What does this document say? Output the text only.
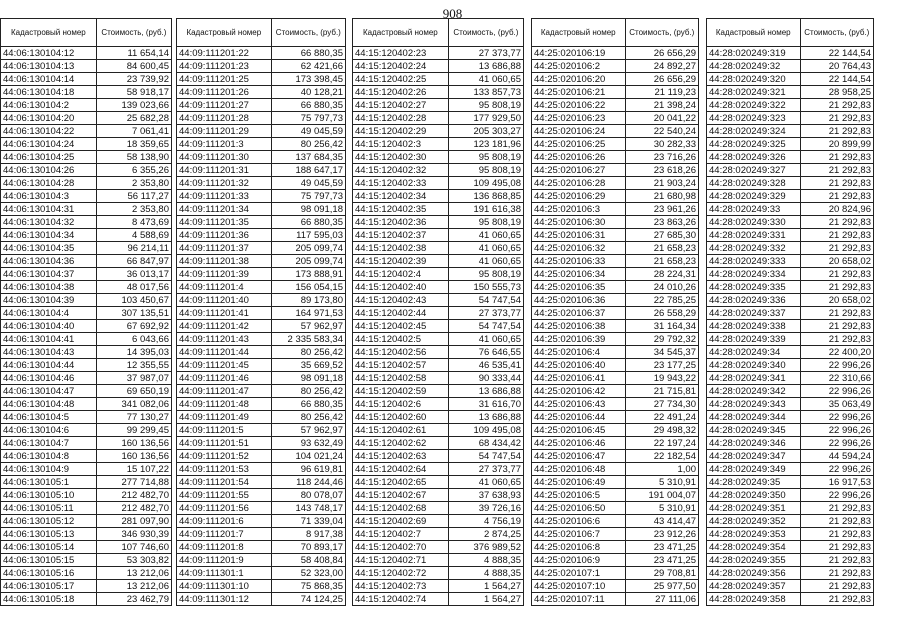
908
Кадастровый номер	Стоимость, (руб.)
44:06:130104:12	11 654,14
44:06:130104:13	84 600,45
44:06:130104:14	23 739,92
44:06:130104:18	58 918,17
44:06:130104:2	139 023,66
44:06:130104:20	25 682,28
44:06:130104:22	7 061,41
44:06:130104:24	18 359,65
44:06:130104:25	58 138,90
44:06:130104:26	6 355,26
44:06:130104:28	2 353,80
44:06:130104:3	56 117,27
44:06:130104:31	2 353,80
44:06:130104:32	8 473,69
44:06:130104:34	4 588,69
44:06:130104:35	96 214,11
44:06:130104:36	66 847,97
44:06:130104:37	36 013,17
44:06:130104:38	48 017,56
44:06:130104:39	103 450,67
44:06:130104:4	307 135,51
44:06:130104:40	67 692,92
44:06:130104:41	6 043,66
44:06:130104:43	14 395,03
44:06:130104:44	12 355,55
44:06:130104:46	37 987,07
44:06:130104:47	69 650,19
44:06:130104:48	341 082,06
44:06:130104:5	77 130,27
44:06:130104:6	99 299,45
44:06:130104:7	160 136,56
44:06:130104:8	160 136,56
44:06:130104:9	15 107,22
44:06:130105:1	277 714,88
44:06:130105:10	212 482,70
44:06:130105:11	212 482,70
44:06:130105:12	281 097,90
44:06:130105:13	346 930,39
44:06:130105:14	107 746,60
44:06:130105:15	53 303,82
44:06:130105:16	13 212,06
44:06:130105:17	13 212,06
44:06:130105:18	23 462,79
Кадастровый номер	Стоимость, (руб.)
44:09:111201:22	66 880,35
44:09:111201:23	62 421,66
44:09:111201:25	173 398,45
44:09:111201:26	40 128,21
44:09:111201:27	66 880,35
44:09:111201:28	75 797,73
44:09:111201:29	49 045,59
44:09:111201:3	80 256,42
44:09:111201:30	137 684,35
44:09:111201:31	188 647,17
44:09:111201:32	49 045,59
44:09:111201:33	75 797,73
44:09:111201:34	98 091,18
44:09:111201:35	66 880,35
44:09:111201:36	117 595,03
44:09:111201:37	205 099,74
44:09:111201:38	205 099,74
44:09:111201:39	173 888,91
44:09:111201:4	156 054,15
44:09:111201:40	89 173,80
44:09:111201:41	164 971,53
44:09:111201:42	57 962,97
44:09:111201:43	2 335 583,34
44:09:111201:44	80 256,42
44:09:111201:45	35 669,52
44:09:111201:46	98 091,18
44:09:111201:47	80 256,42
44:09:111201:48	66 880,35
44:09:111201:49	80 256,42
44:09:111201:5	57 962,97
44:09:111201:51	93 632,49
44:09:111201:52	104 021,24
44:09:111201:53	96 619,81
44:09:111201:54	118 244,46
44:09:111201:55	80 078,07
44:09:111201:56	143 748,17
44:09:111201:6	71 339,04
44:09:111201:7	8 917,38
44:09:111201:8	70 893,17
44:09:111201:9	58 408,84
44:09:111301:1	52 323,00
44:09:111301:10	75 868,35
44:09:111301:12	74 124,25
Кадастровый номер	Стоимость, (руб.)
44:15:120402:23	27 373,77
44:15:120402:24	13 686,88
44:15:120402:25	41 060,65
44:15:120402:26	133 857,73
44:15:120402:27	95 808,19
44:15:120402:28	177 929,50
44:15:120402:29	205 303,27
44:15:120402:3	123 181,96
44:15:120402:30	95 808,19
44:15:120402:32	95 808,19
44:15:120402:33	109 495,08
44:15:120402:34	136 868,85
44:15:120402:35	191 616,38
44:15:120402:36	95 808,19
44:15:120402:37	41 060,65
44:15:120402:38	41 060,65
44:15:120402:39	41 060,65
44:15:120402:4	95 808,19
44:15:120402:40	150 555,73
44:15:120402:43	54 747,54
44:15:120402:44	27 373,77
44:15:120402:45	54 747,54
44:15:120402:5	41 060,65
44:15:120402:56	76 646,55
44:15:120402:57	46 535,41
44:15:120402:58	90 333,44
44:15:120402:59	13 686,88
44:15:120402:6	31 616,70
44:15:120402:60	13 686,88
44:15:120402:61	109 495,08
44:15:120402:62	68 434,42
44:15:120402:63	54 747,54
44:15:120402:64	27 373,77
44:15:120402:65	41 060,65
44:15:120402:67	37 638,93
44:15:120402:68	39 726,16
44:15:120402:69	4 756,19
44:15:120402:7	2 874,25
44:15:120402:70	376 989,52
44:15:120402:71	4 888,35
44:15:120402:72	4 888,35
44:15:120402:73	1 564,27
44:15:120402:74	1 564,27
Кадастровый номер	Стоимость, (руб.)
44:25:020106:19	26 656,29
44:25:020106:2	24 892,27
44:25:020106:20	26 656,29
44:25:020106:21	21 119,23
44:25:020106:22	21 398,24
44:25:020106:23	20 041,22
44:25:020106:24	22 540,24
44:25:020106:25	30 282,33
44:25:020106:26	23 716,26
44:25:020106:27	23 618,26
44:25:020106:28	21 903,24
44:25:020106:29	21 680,98
44:25:020106:3	23 961,26
44:25:020106:30	23 863,26
44:25:020106:31	27 685,30
44:25:020106:32	21 658,23
44:25:020106:33	21 658,23
44:25:020106:34	28 224,31
44:25:020106:35	24 010,26
44:25:020106:36	22 785,25
44:25:020106:37	26 558,29
44:25:020106:38	31 164,34
44:25:020106:39	29 792,32
44:25:020106:4	34 545,37
44:25:020106:40	23 177,25
44:25:020106:41	19 943,22
44:25:020106:42	21 715,81
44:25:020106:43	27 734,30
44:25:020106:44	22 491,24
44:25:020106:45	29 498,32
44:25:020106:46	22 197,24
44:25:020106:47	22 182,54
44:25:020106:48	1,00
44:25:020106:49	5 310,91
44:25:020106:5	191 004,07
44:25:020106:50	5 310,91
44:25:020106:6	43 414,47
44:25:020106:7	23 912,26
44:25:020106:8	23 471,25
44:25:020106:9	23 471,25
44:25:020107:1	29 708,81
44:25:020107:10	25 977,50
44:25:020107:11	27 111,06
Кадастровый номер	Стоимость, (руб.)
44:28:020249:319	22 144,54
44:28:020249:32	20 764,43
44:28:020249:320	22 144,54
44:28:020249:321	28 958,25
44:28:020249:322	21 292,83
44:28:020249:323	21 292,83
44:28:020249:324	21 292,83
44:28:020249:325	20 899,99
44:28:020249:326	21 292,83
44:28:020249:327	21 292,83
44:28:020249:328	21 292,83
44:28:020249:329	21 292,83
44:28:020249:33	20 824,96
44:28:020249:330	21 292,83
44:28:020249:331	21 292,83
44:28:020249:332	21 292,83
44:28:020249:333	20 658,02
44:28:020249:334	21 292,83
44:28:020249:335	21 292,83
44:28:020249:336	20 658,02
44:28:020249:337	21 292,83
44:28:020249:338	21 292,83
44:28:020249:339	21 292,83
44:28:020249:34	22 400,20
44:28:020249:340	22 996,26
44:28:020249:341	22 310,66
44:28:020249:342	22 996,26
44:28:020249:343	35 063,49
44:28:020249:344	22 996,26
44:28:020249:345	22 996,26
44:28:020249:346	22 996,26
44:28:020249:347	44 594,24
44:28:020249:349	22 996,26
44:28:020249:35	16 917,53
44:28:020249:350	22 996,26
44:28:020249:351	21 292,83
44:28:020249:352	21 292,83
44:28:020249:353	21 292,83
44:28:020249:354	21 292,83
44:28:020249:355	21 292,83
44:28:020249:356	21 292,83
44:28:020249:357	21 292,83
44:28:020249:358	21 292,83
